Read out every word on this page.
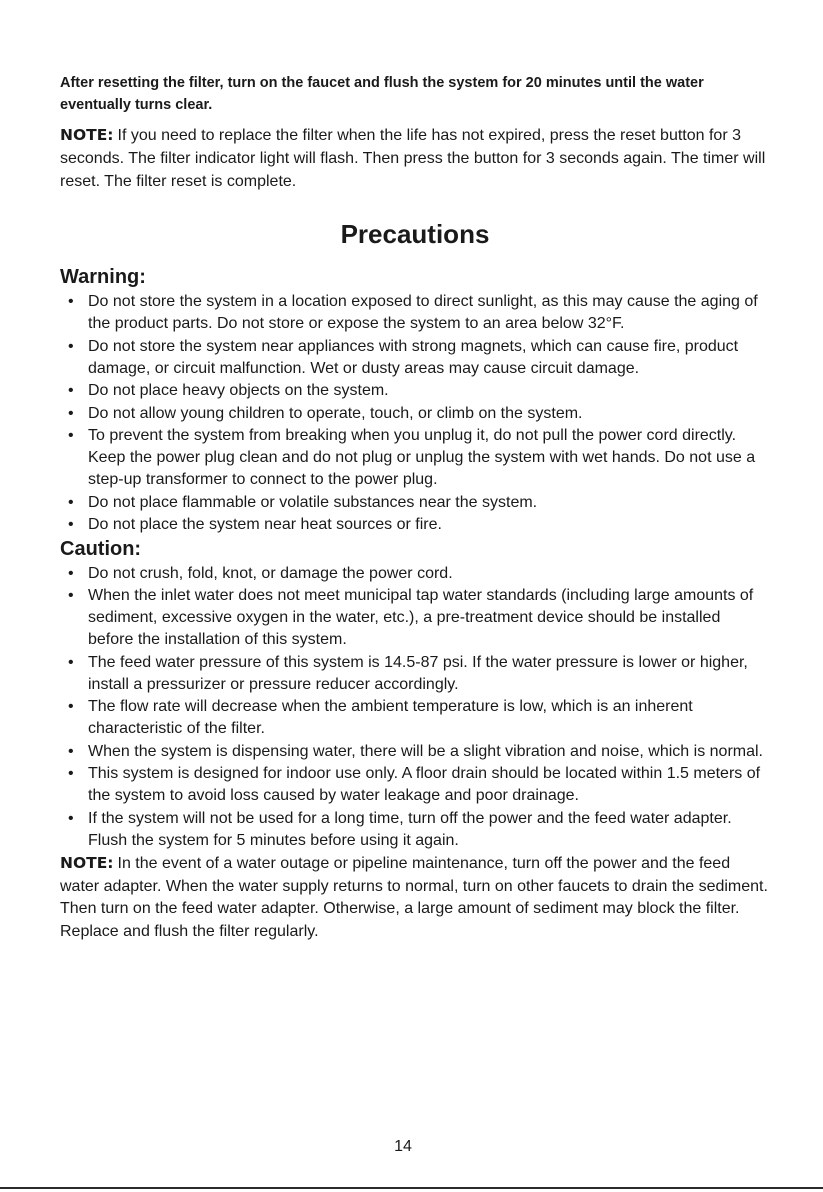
After resetting the filter, turn on the faucet and flush the system for 20 minutes until the water eventually turns clear.

NOTE: If you need to replace the filter when the life has not expired, press the reset button for 3 seconds. The filter indicator light will flash. Then press the button for 3 seconds again. The timer will reset. The filter reset is complete.

Precautions
Warning:
• Do not store the system in a location exposed to direct sunlight, as this may cause the aging of the product parts. Do not store or expose the system to an area below 32°F.
• Do not store the system near appliances with strong magnets, which can cause fire, product damage, or circuit malfunction. Wet or dusty areas may cause circuit damage.
• Do not place heavy objects on the system.
• Do not allow young children to operate, touch, or climb on the system.
• To prevent the system from breaking when you unplug it, do not pull the power cord directly. Keep the power plug clean and do not plug or unplug the system with wet hands. Do not use a step-up transformer to connect to the power plug.
• Do not place flammable or volatile substances near the system.
• Do not place the system near heat sources or fire.
Caution:
• Do not crush, fold, knot, or damage the power cord.
• When the inlet water does not meet municipal tap water standards (including large amounts of sediment, excessive oxygen in the water, etc.), a pre-treatment device should be installed before the installation of this system.
• The feed water pressure of this system is 14.5-87 psi. If the water pressure is lower or higher, install a pressurizer or pressure reducer accordingly.
• The flow rate will decrease when the ambient temperature is low, which is an inherent characteristic of the filter.
• When the system is dispensing water, there will be a slight vibration and noise, which is normal.
• This system is designed for indoor use only. A floor drain should be located within 1.5 meters of the system to avoid loss caused by water leakage and poor drainage.
• If the system will not be used for a long time, turn off the power and the feed water adapter. Flush the system for 5 minutes before using it again.

NOTE: In the event of a water outage or pipeline maintenance, turn off the power and the feed water adapter. When the water supply returns to normal, turn on other faucets to drain the sediment. Then turn on the feed water adapter. Otherwise, a large amount of sediment may block the filter. Replace and flush the filter regularly.

14
